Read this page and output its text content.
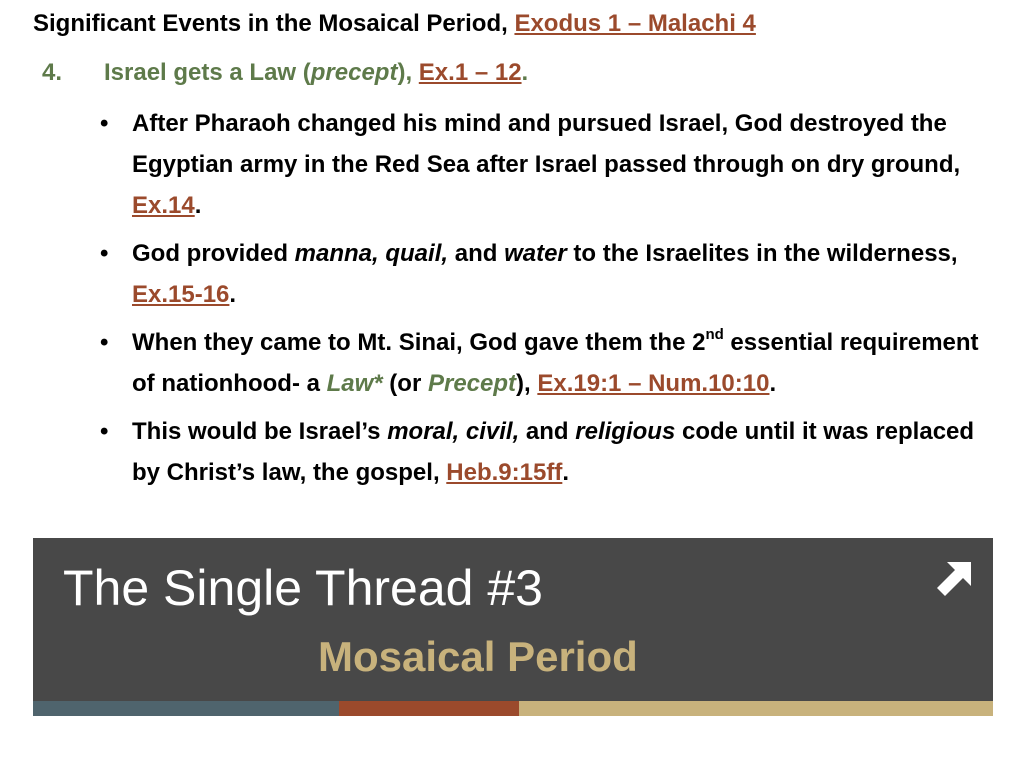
Significant Events in the Mosaical Period, Exodus 1 – Malachi 4
4. Israel gets a Law (precept), Ex.1 – 12.
• After Pharaoh changed his mind and pursued Israel, God destroyed the Egyptian army in the Red Sea after Israel passed through on dry ground, Ex.14.
• God provided manna, quail, and water to the Israelites in the wilderness, Ex.15-16.
• When they came to Mt. Sinai, God gave them the 2nd essential requirement of nationhood- a Law* (or Precept), Ex.19:1 – Num.10:10.
• This would be Israel’s moral, civil, and religious code until it was replaced by Christ’s law, the gospel, Heb.9:15ff.
The Single Thread #3
Mosaical Period
